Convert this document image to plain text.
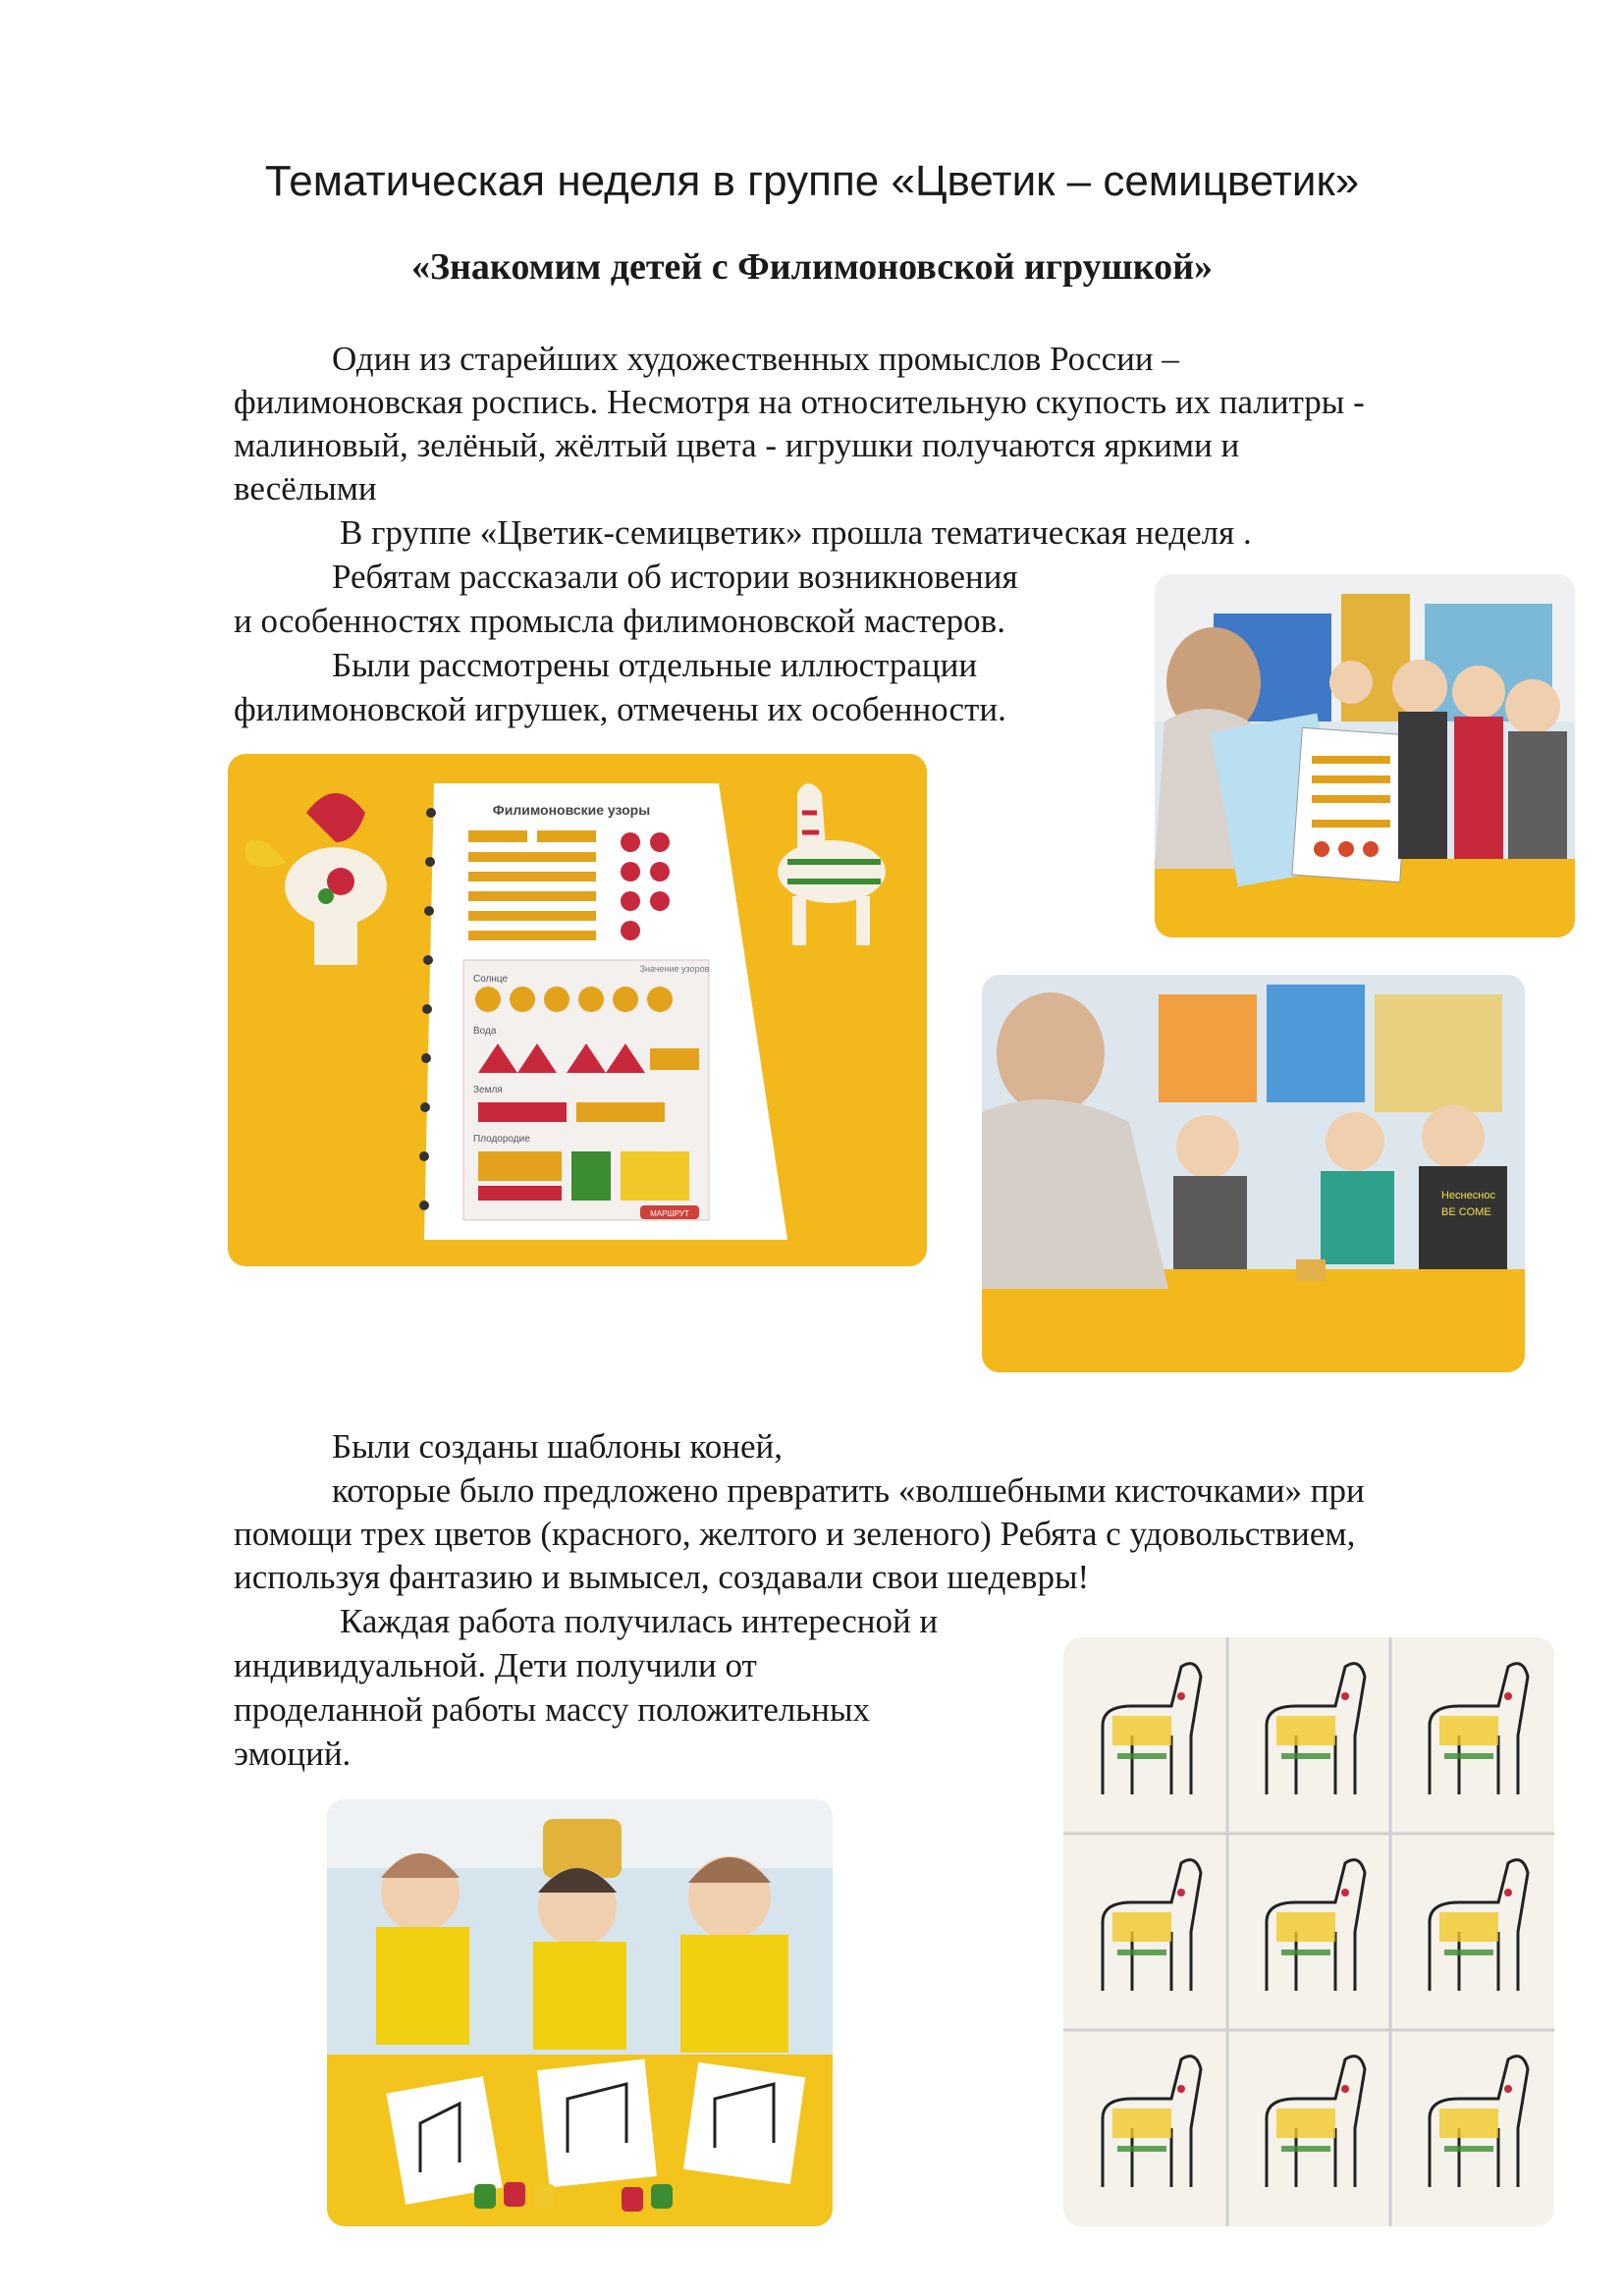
Тематическая неделя в группе «Цветик – семицветик»
«Знакомим детей с Филимоновской игрушкой»
Один из старейших художественных промыслов России –
филимоновская роспись. Несмотря на относительную скупость их палитры -
малиновый, зелёный, жёлтый цвета - игрушки получаются яркими и
весёлыми
В группе «Цветик-семицветик» прошла тематическая неделя .
Ребятам рассказали об истории возникновения
и особенностях промысла филимоновской мастеров.
Были рассмотрены отдельные иллюстрации
филимоновской игрушек, отмечены их особенности.
Филимоновские узоры
Значение узоров
Солнце
Вода
Земля
Плодородие
МАРШРУТ
Неснеснос
BE COME
Были созданы шаблоны коней,
которые было предложено превратить «волшебными кисточками» при
помощи трех цветов (красного, желтого и зеленого) Ребята с удовольствием,
используя фантазию и вымысел, создавали свои шедевры!
Каждая работа получилась интересной и
индивидуальной. Дети получили от
проделанной работы массу положительных
эмоций.
